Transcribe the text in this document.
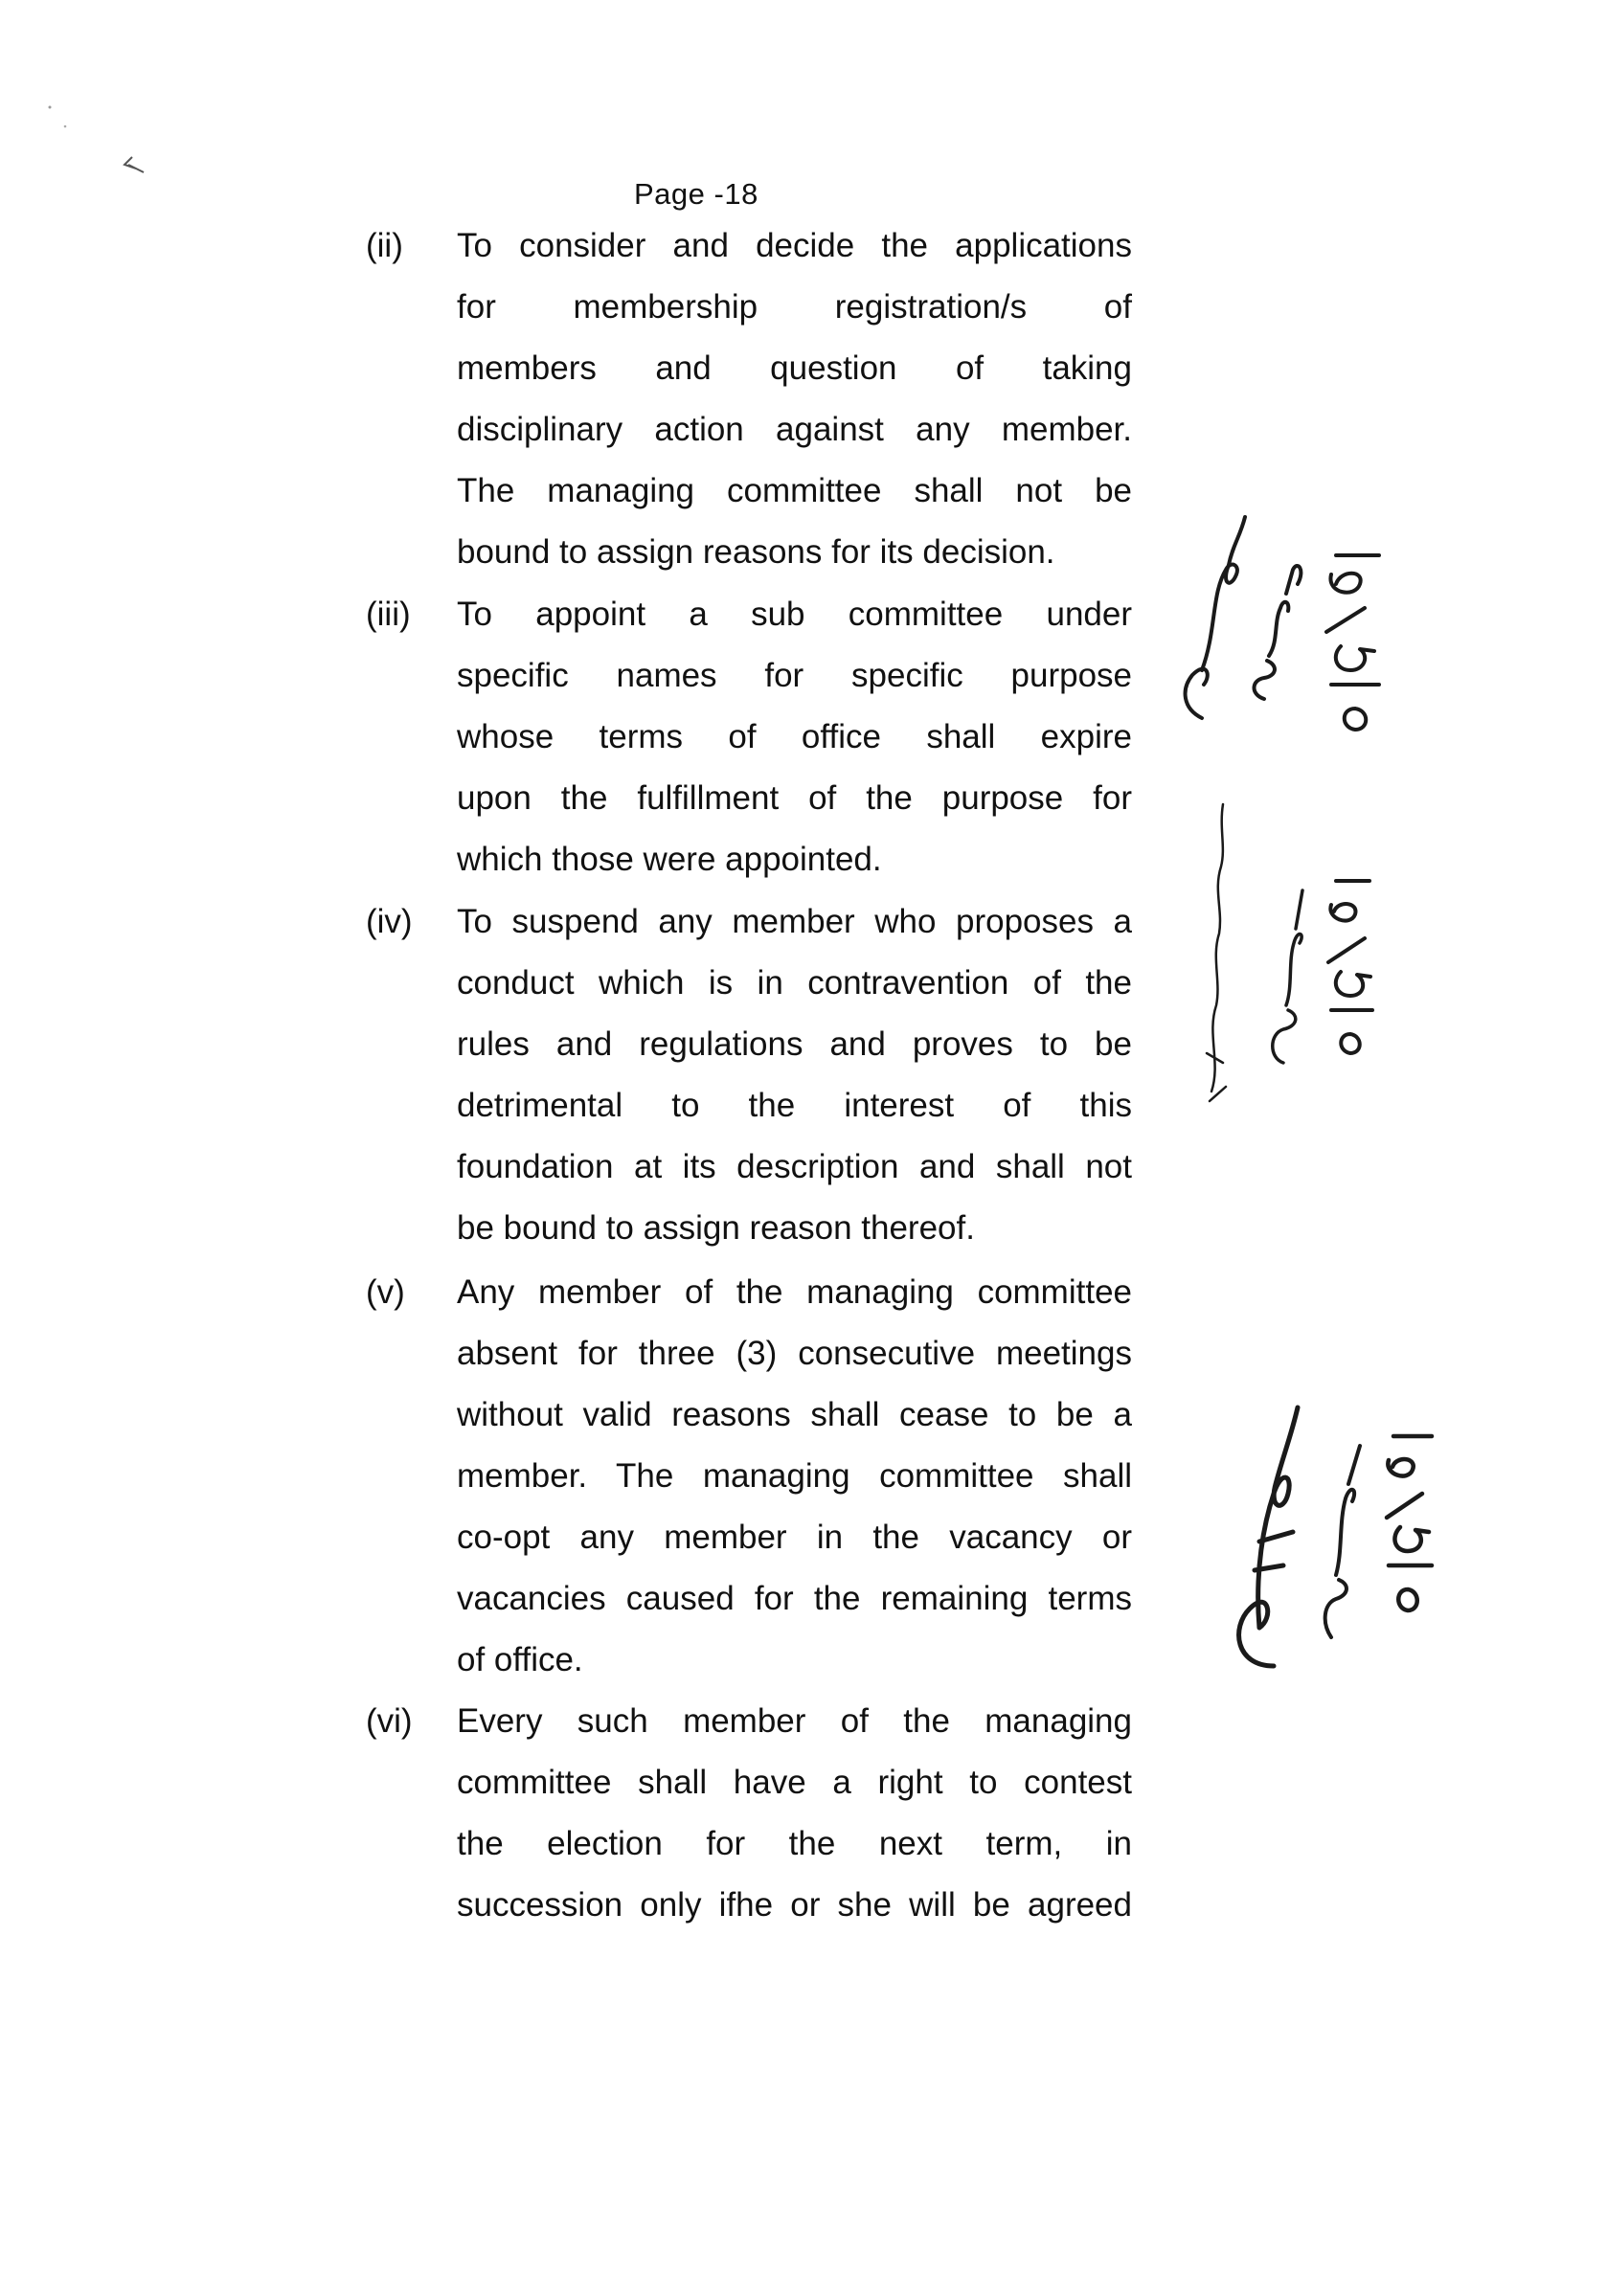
Page -18
(ii) To consider and decide the applications
for membership registration/s of
members and question of taking
disciplinary action against any member.
The managing committee shall not be
bound to assign reasons for its decision.
(iii) To appoint a sub committee under
specific names for specific purpose
whose terms of office shall expire
upon the fulfillment of the purpose for
which those were appointed.
(iv) To suspend any member who proposes a
conduct which is in contravention of the
rules and regulations and proves to be
detrimental to the interest of this
foundation at its description and shall not
be bound to assign reason thereof.
(v) Any member of the managing committee
absent for three (3) consecutive meetings
without valid reasons shall cease to be a
member. The managing committee shall
co-opt any member in the vacancy or
vacancies caused for the remaining terms
of office.
(vi) Every such member of the managing
committee shall have a right to contest
the election for the next term, in
succession only ifhe or she will be agreed
